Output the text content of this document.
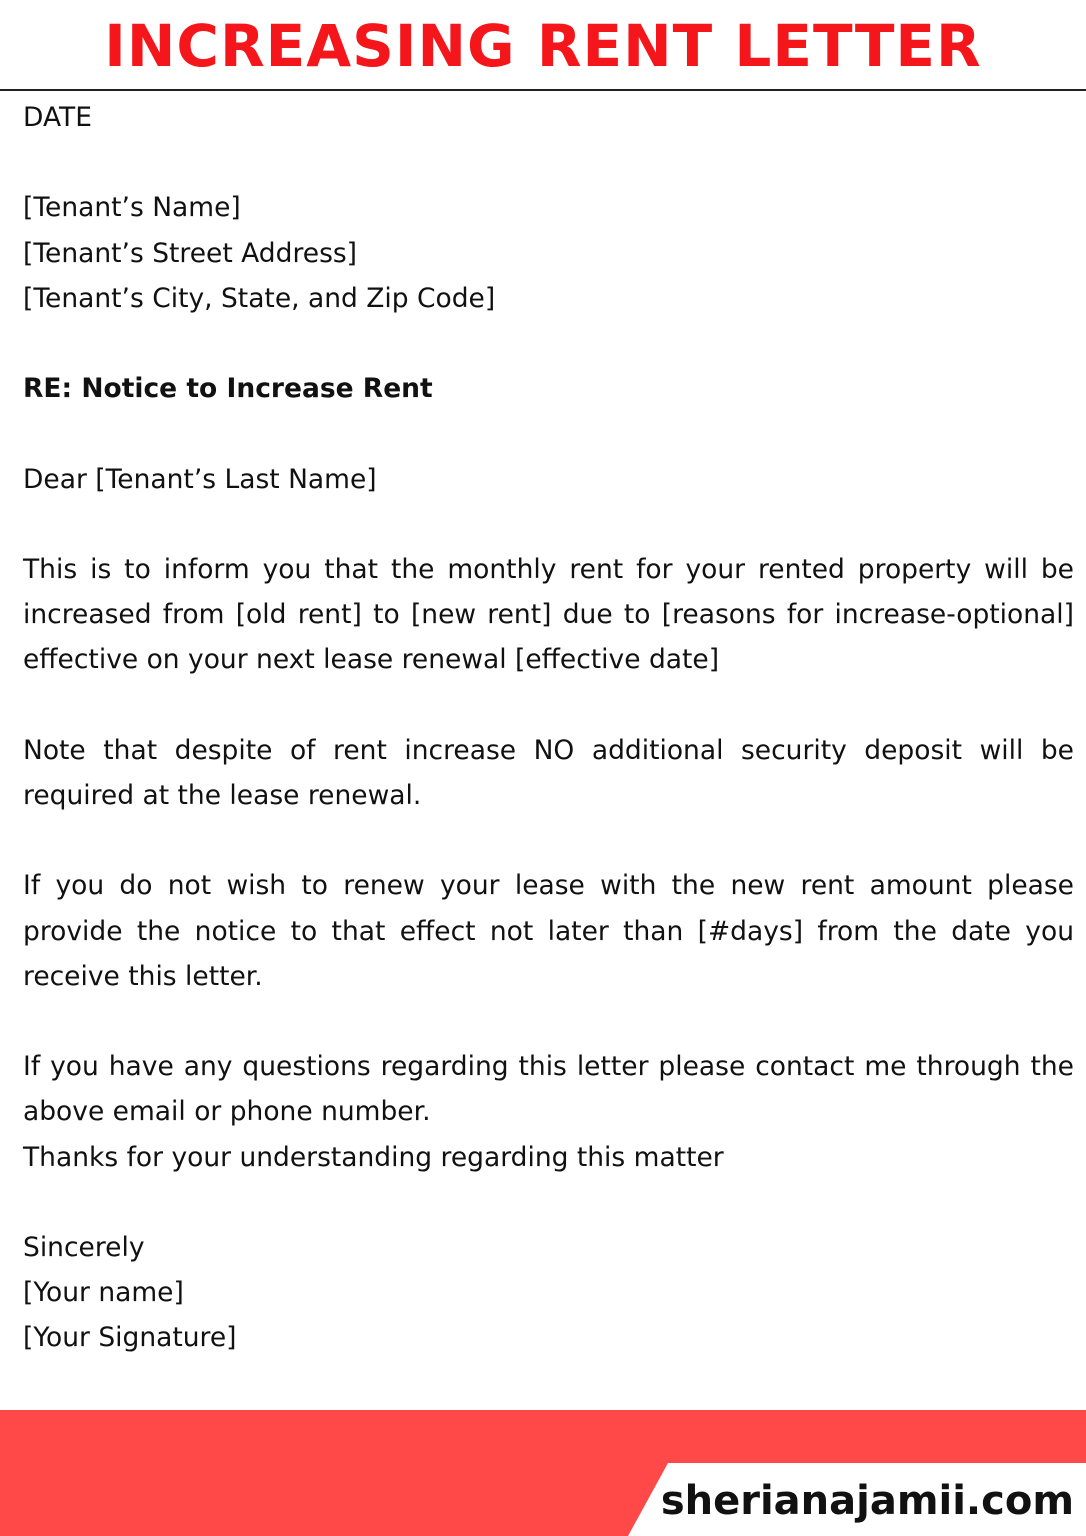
INCREASING RENT LETTER

DATE

[Tenant’s Name]

[Tenant’s Street Address]

[Tenant’s City, State, and Zip Code]

RE: Notice to Increase Rent

Dear [Tenant’s Last Name]

This is to inform you that the monthly rent for your rented property will be increased from [old rent] to [new rent] due to [reasons for increase-optional] effective on your next lease renewal [effective date]

Note that despite of rent increase NO additional security deposit will be required at the lease renewal.

If you do not wish to renew your lease with the new rent amount please provide the notice to that effect not later than [#days] from the date you receive this letter.

If you have any questions regarding this letter please contact me through the above email or phone number.

Thanks for your understanding regarding this matter

Sincerely

[Your name]

[Your Signature]

sherianajamii.com
